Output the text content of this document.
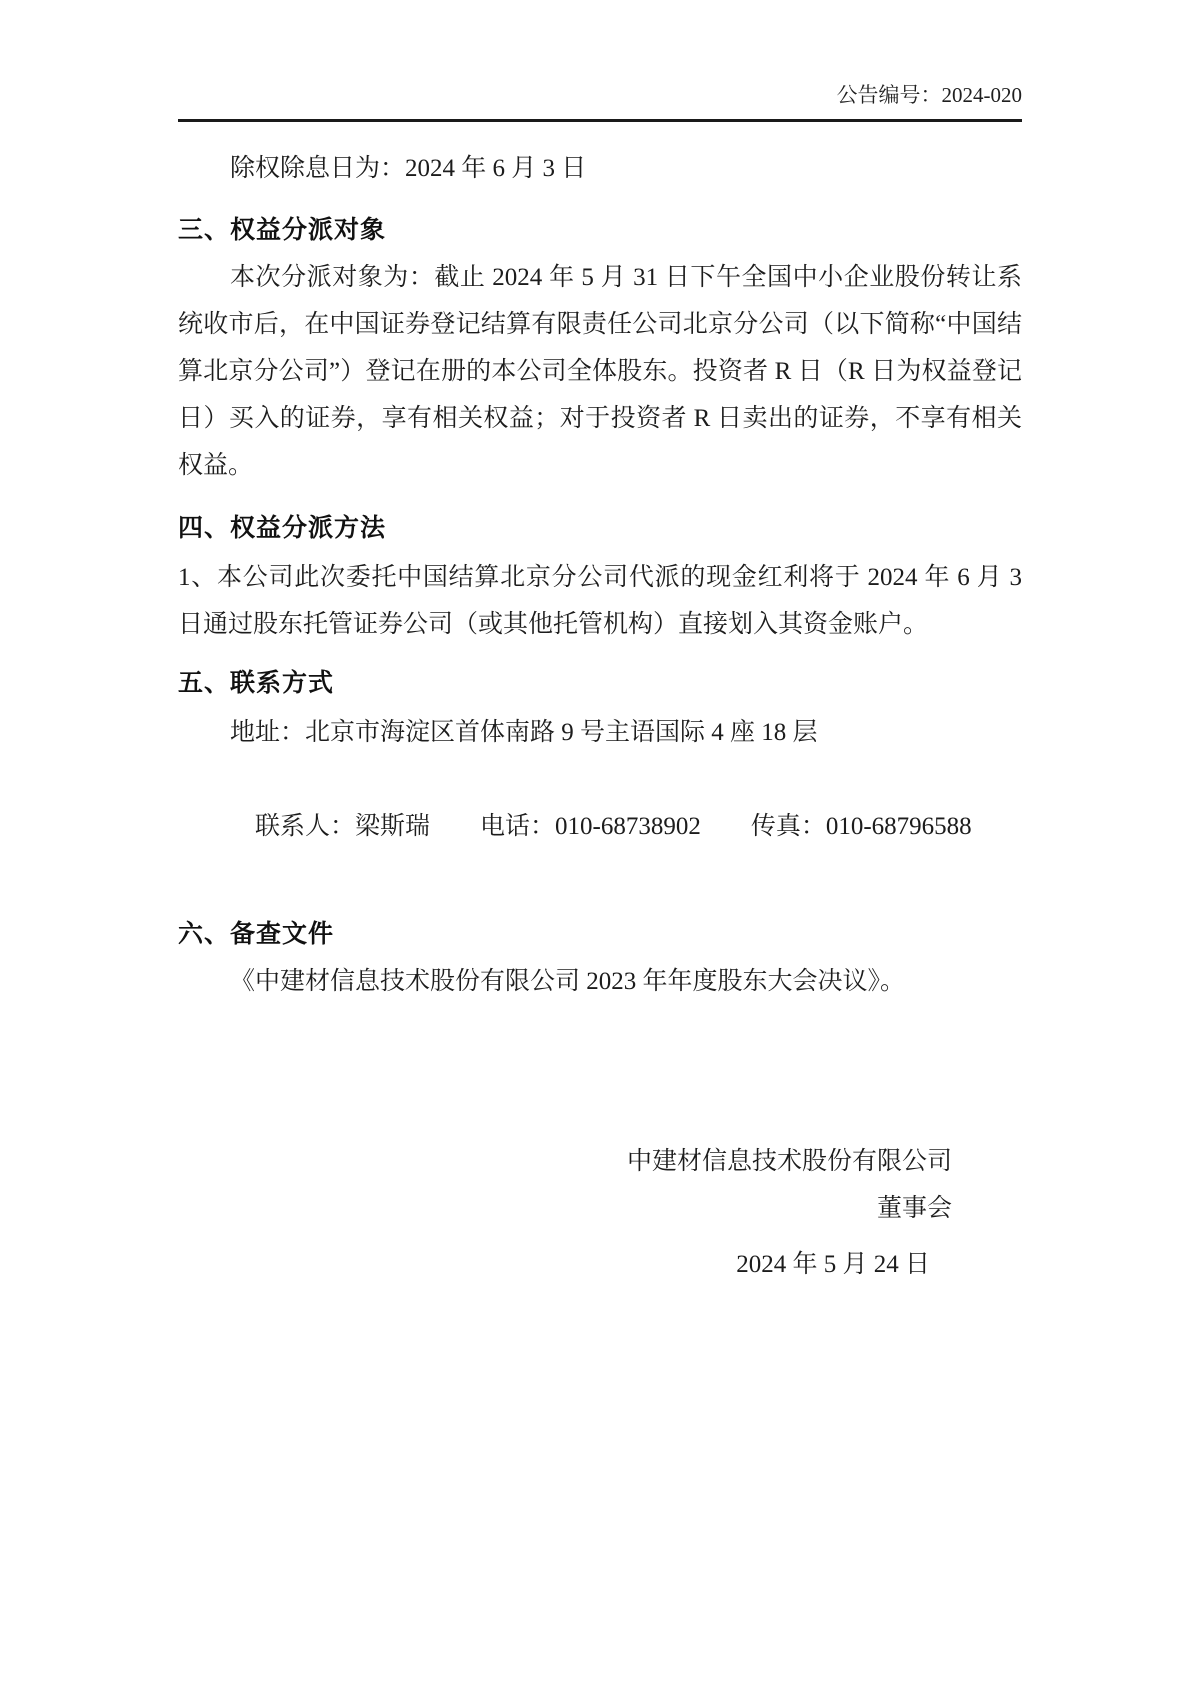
公告编号：2024-020

除权除息日为：2024 年 6 月 3 日

三、权益分派对象

本次分派对象为：截止 2024 年 5 月 31 日下午全国中小企业股份转让系统收市后，在中国证券登记结算有限责任公司北京分公司（以下简称“中国结算北京分公司”）登记在册的本公司全体股东。投资者 R 日（R 日为权益登记日）买入的证券，享有相关权益；对于投资者 R 日卖出的证券，不享有相关权益。

四、权益分派方法

1、本公司此次委托中国结算北京分公司代派的现金红利将于 2024 年 6 月 3 日通过股东托管证券公司（或其他托管机构）直接划入其资金账户。

五、联系方式

地址：北京市海淀区首体南路 9 号主语国际 4 座 18 层

联系人：梁斯瑞 电话：010-68738902 传真：010-68796588

六、备查文件

《中建材信息技术股份有限公司 2023 年年度股东大会决议》。

中建材信息技术股份有限公司

董事会

2024 年 5 月 24 日
